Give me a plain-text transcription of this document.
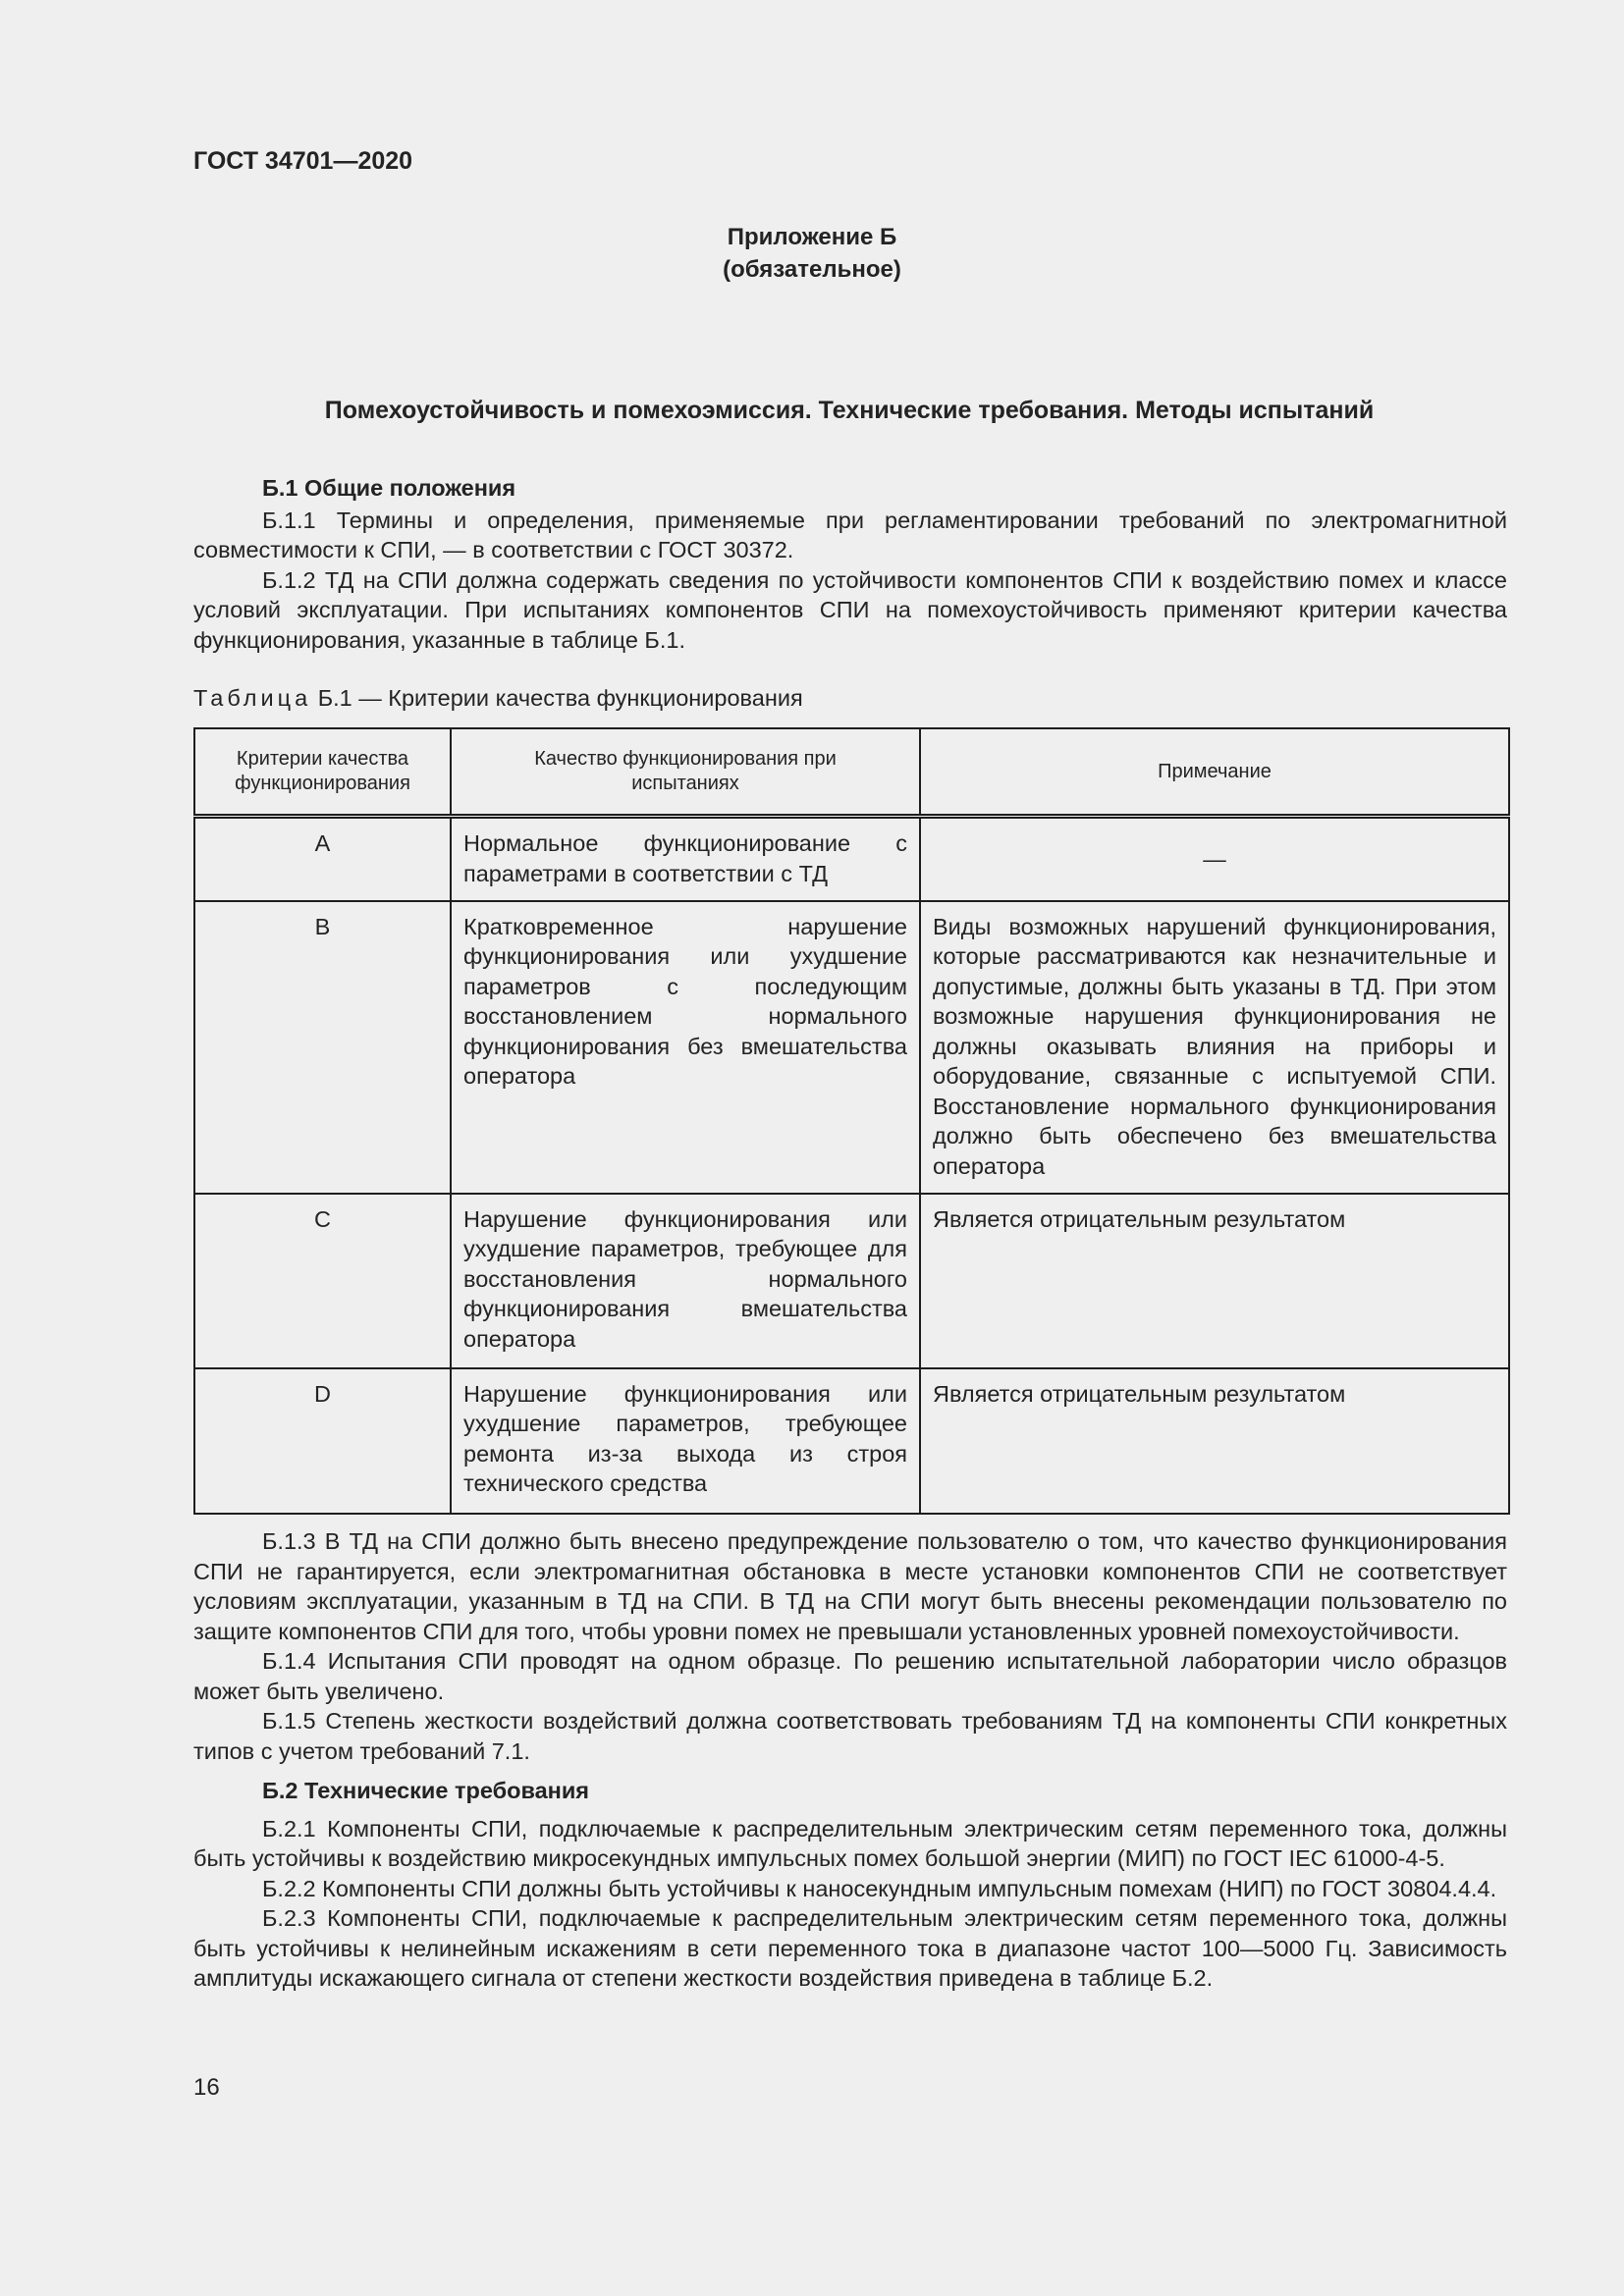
ГОСТ 34701—2020
Приложение Б
(обязательное)
Помехоустойчивость и помехоэмиссия. Технические требования. Методы испытаний

Б.1 Общие положения

Б.1.1 Термины и определения, применяемые при регламентировании требований по электромагнитной совместимости к СПИ, — в соответствии с ГОСТ 30372.

Б.1.2 ТД на СПИ должна содержать сведения по устойчивости компонентов СПИ к воздействию помех и классе условий эксплуатации. При испытаниях компонентов СПИ на помехоустойчивость применяют критерии качества функционирования, указанные в таблице Б.1.

Таблица Б.1 — Критерии качества функционирования
Критерии качества функционирования	Качество функционирования при испытаниях	Примечание
A	Нормальное функционирование с параметрами в соответствии с ТД	—
B	Кратковременное нарушение функционирования или ухудшение параметров с последующим восстановлением нормального функционирования без вмешательства оператора	Виды возможных нарушений функционирования, которые рассматриваются как незначительные и допустимые, должны быть указаны в ТД. При этом возможные нарушения функционирования не должны оказывать влияния на приборы и оборудование, связанные с испытуемой СПИ. Восстановление нормального функционирования должно быть обеспечено без вмешательства оператора
C	Нарушение функционирования или ухудшение параметров, требующее для восстановления нормального функционирования вмешательства оператора	Является отрицательным результатом
D	Нарушение функционирования или ухудшение параметров, требующее ремонта из-за выхода из строя технического средства	Является отрицательным результатом

Б.1.3 В ТД на СПИ должно быть внесено предупреждение пользователю о том, что качество функционирования СПИ не гарантируется, если электромагнитная обстановка в месте установки компонентов СПИ не соответствует условиям эксплуатации, указанным в ТД на СПИ. В ТД на СПИ могут быть внесены рекомендации пользователю по защите компонентов СПИ для того, чтобы уровни помех не превышали установленных уровней помехоустойчивости.

Б.1.4 Испытания СПИ проводят на одном образце. По решению испытательной лаборатории число образцов может быть увеличено.

Б.1.5 Степень жесткости воздействий должна соответствовать требованиям ТД на компоненты СПИ конкретных типов с учетом требований 7.1.

Б.2 Технические требования

Б.2.1 Компоненты СПИ, подключаемые к распределительным электрическим сетям переменного тока, должны быть устойчивы к воздействию микросекундных импульсных помех большой энергии (МИП) по ГОСТ IEC 61000-4-5.

Б.2.2 Компоненты СПИ должны быть устойчивы к наносекундным импульсным помехам (НИП) по ГОСТ 30804.4.4.

Б.2.3 Компоненты СПИ, подключаемые к распределительным электрическим сетям переменного тока, должны быть устойчивы к нелинейным искажениям в сети переменного тока в диапазоне частот 100—5000 Гц. Зависимость амплитуды искажающего сигнала от степени жесткости воздействия приведена в таблице Б.2.

16
